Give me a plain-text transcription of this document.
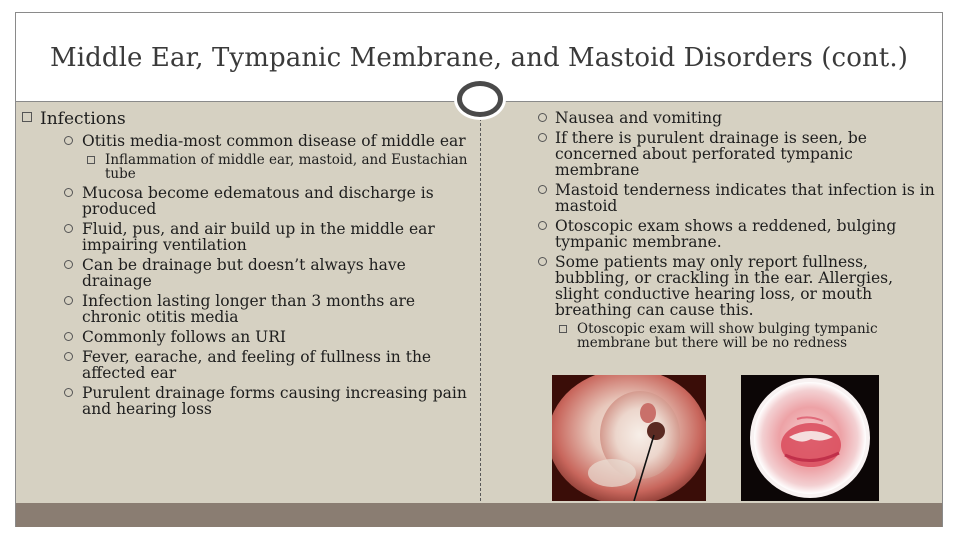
Middle Ear, Tympanic Membrane, and Mastoid Disorders (cont.)
Infections
Otitis media-most common disease of middle ear
Inflammation of middle ear, mastoid, and Eustachian tube
Mucosa become edematous and discharge is produced
Fluid, pus, and air build up in the middle ear impairing ventilation
Can be drainage but doesn’t always have drainage
Infection lasting longer than 3 months are chronic otitis media
Commonly follows an URI
Fever, earache, and feeling of fullness in the affected ear
Purulent drainage forms causing increasing pain and hearing loss
Nausea and vomiting
If there is purulent drainage is seen, be concerned about perforated tympanic membrane
Mastoid tenderness indicates that infection is in mastoid
Otoscopic exam shows a reddened, bulging tympanic membrane.
Some patients may only report fullness, bubbling, or crackling in the ear. Allergies, slight conductive hearing loss, or mouth breathing can cause this.
Otoscopic exam will show bulging tympanic membrane but there will be no redness
